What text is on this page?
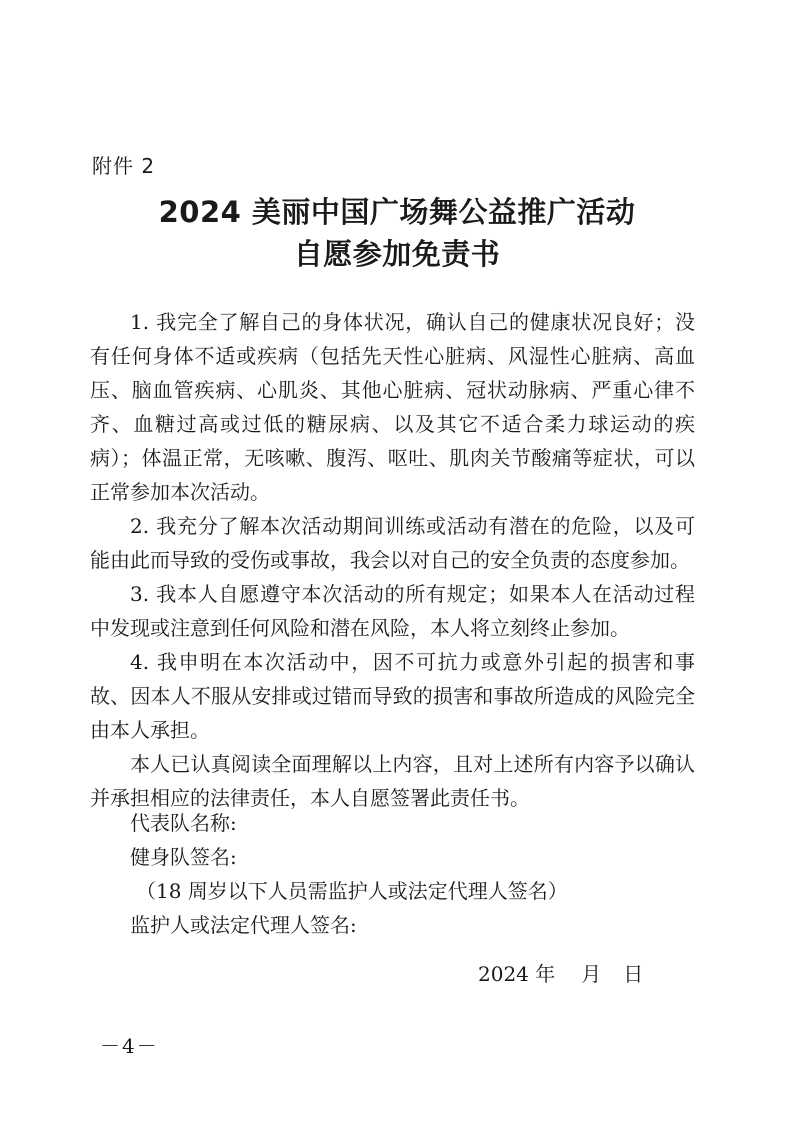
附件 2
2024 美丽中国广场舞公益推广活动
自愿参加免责书

1. 我完全了解自己的身体状况，确认自己的健康状况良好；没有任何身体不适或疾病（包括先天性心脏病、风湿性心脏病、高血压、脑血管疾病、心肌炎、其他心脏病、冠状动脉病、严重心律不齐、血糖过高或过低的糖尿病、以及其它不适合柔力球运动的疾病）；体温正常，无咳嗽、腹泻、呕吐、肌肉关节酸痛等症状，可以正常参加本次活动。

2. 我充分了解本次活动期间训练或活动有潜在的危险，以及可能由此而导致的受伤或事故，我会以对自己的安全负责的态度参加。

3. 我本人自愿遵守本次活动的所有规定；如果本人在活动过程中发现或注意到任何风险和潜在风险，本人将立刻终止参加。

4. 我申明在本次活动中，因不可抗力或意外引起的损害和事故、因本人不服从安排或过错而导致的损害和事故所造成的风险完全由本人承担。

本人已认真阅读全面理解以上内容，且对上述所有内容予以确认并承担相应的法律责任，本人自愿签署此责任书。

代表队名称:
健身队签名:
（18 周岁以下人员需监护人或法定代理人签名）
监护人或法定代理人签名:
2024 年 月 日
－4－
